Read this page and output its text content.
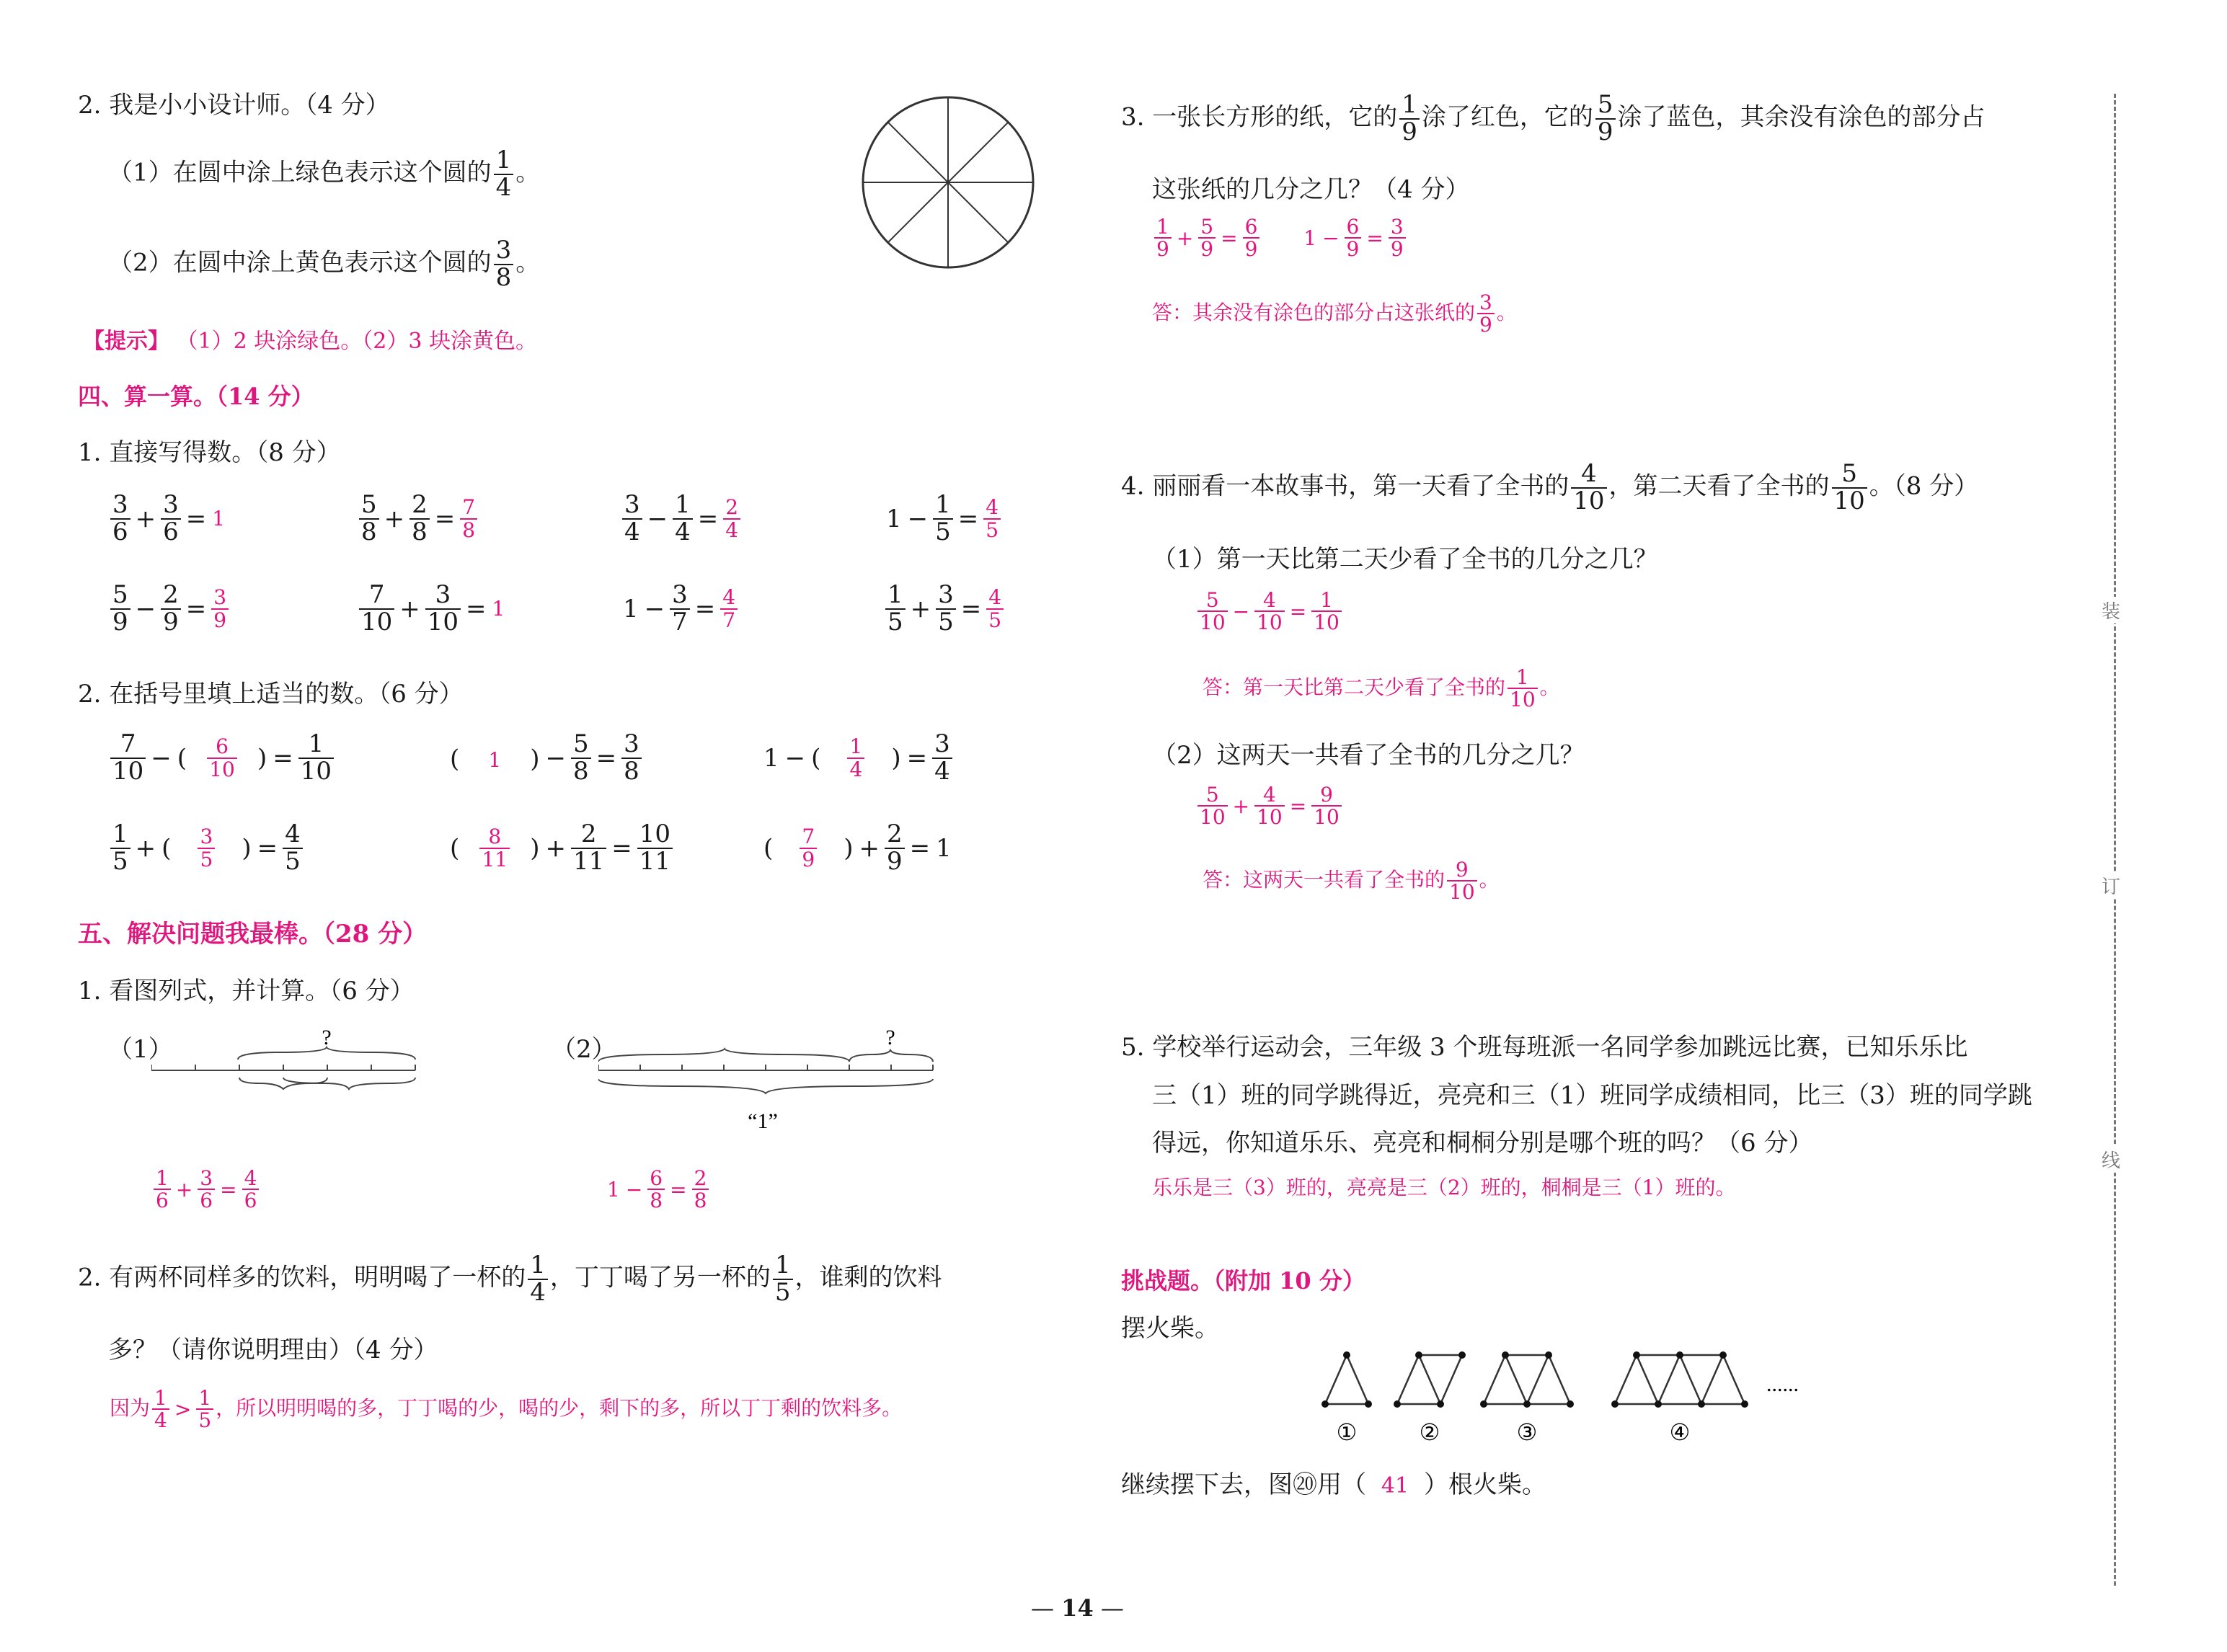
2. 我是小小设计师。（4 分）
（1）在圆中涂上绿色表示这个圆的 $\frac{1}{4}$ 。
（2）在圆中涂上黄色表示这个圆的 $\frac{3}{8}$ 。
【提示】 （1）2 块涂绿色。（2）3 块涂黄色。
四、算一算。（14 分）
1. 直接写得数。（8 分）
$\frac{3}{6} + \frac{3}{6} = 1$	$\frac{5}{8} + \frac{2}{8} = \frac{7}{8}$	$\frac{3}{4} - \frac{1}{4} = \frac{2}{4}$	$1 - \frac{1}{5} = \frac{4}{5}$
$\frac{5}{9} - \frac{2}{9} = \frac{3}{9}$	$\frac{7}{10} + \frac{3}{10} = 1$	$1 - \frac{3}{7} = \frac{4}{7}$	$\frac{1}{5} + \frac{3}{5} = \frac{4}{5}$
2. 在括号里填上适当的数。（6 分）
$\frac{7}{10}$ − ( $\frac{6}{10}$ ) = $\frac{1}{10}$	( 1 ) − $\frac{5}{8} = \frac{3}{8}$	1 − ( $\frac{1}{4}$ ) = $\frac{3}{4}$
$\frac{1}{5}$ + ( $\frac{3}{5}$ ) = $\frac{4}{5}$	( $\frac{8}{11}$ ) + $\frac{2}{11} = \frac{10}{11}$	( $\frac{7}{9}$ ) + $\frac{2}{9} = 1$
五、解决问题我最棒。（28 分）
1. 看图列式，并计算。（6 分）
（1）	?	（2）	?
“1”
$\frac{1}{6} + \frac{3}{6} = \frac{4}{6}$	$1 - \frac{6}{8} = \frac{2}{8}$
2. 有两杯同样多的饮料，明明喝了一杯的 $\frac{1}{4}$ ，丁丁喝了另一杯的 $\frac{1}{5}$ ，谁剩的饮料
多？（请你说明理由）（4 分）
因为 $\frac{1}{4} > \frac{1}{5}$ ，所以明明喝的多，丁丁喝的少，喝的少，剩下的多，所以丁丁剩的饮料多。
3. 一张长方形的纸，它的 $\frac{1}{9}$ 涂了红色，它的 $\frac{5}{9}$ 涂了蓝色，其余没有涂色的部分占
这张纸的几分之几？（4 分）
$\frac{1}{9} + \frac{5}{9} = \frac{6}{9} 1 - \frac{6}{9} = \frac{3}{9}$
答：其余没有涂色的部分占这张纸的 $\frac{3}{9}$ 。
4. 丽丽看一本故事书，第一天看了全书的 $\frac{4}{10}$ ，第二天看了全书的 $\frac{5}{10}$ 。（8 分）
（1）第一天比第二天少看了全书的几分之几？
$\frac{5}{10} - \frac{4}{10} = \frac{1}{10}$
答：第一天比第二天少看了全书的 $\frac{1}{10}$ 。
（2）这两天一共看了全书的几分之几？
$\frac{5}{10} + \frac{4}{10} = \frac{9}{10}$
答：这两天一共看了全书的 $\frac{9}{10}$ 。
5. 学校举行运动会，三年级 3 个班每班派一名同学参加跳远比赛，已知乐乐比
三（1）班的同学跳得近，亮亮和三（1）班同学成绩相同，比三（3）班的同学跳
得远，你知道乐乐、亮亮和桐桐分别是哪个班的吗？（6 分）
乐乐是三（3）班的，亮亮是三（2）班的，桐桐是三（1）班的。
挑战题。（附加 10 分）
摆火柴。
①	②	③	④
......
继续摆下去，图⑳用（ 41 ）根火柴。
装
订
线
— 14 —
